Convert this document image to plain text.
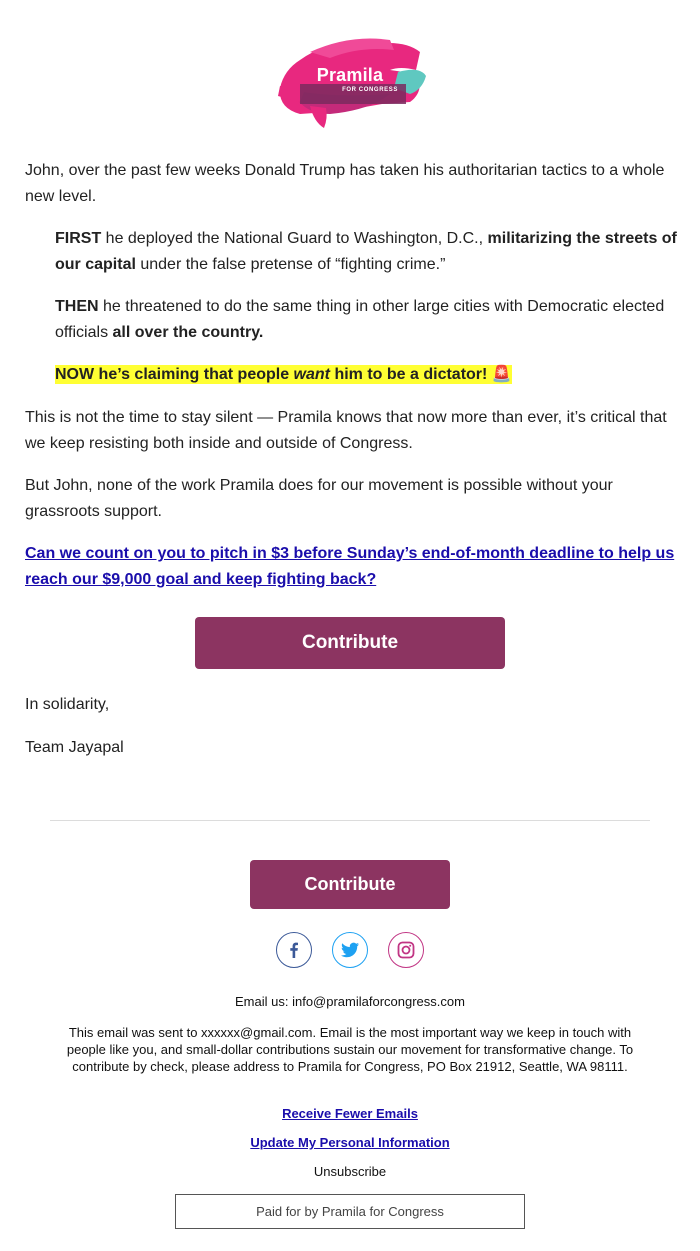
Pramila
FOR CONGRESS
John, over the past few weeks Donald Trump has taken his authoritarian tactics to a whole new level.
FIRST he deployed the National Guard to Washington, D.C., militarizing the streets of our capital under the false pretense of “fighting crime.”
THEN he threatened to do the same thing in other large cities with Democratic elected officials all over the country.
NOW he’s claiming that people want him to be a dictator! 🚨
This is not the time to stay silent — Pramila knows that now more than ever, it’s critical that we keep resisting both inside and outside of Congress.
But John, none of the work Pramila does for our movement is possible without your grassroots support.
Can we count on you to pitch in $3 before Sunday’s end-of-month deadline to help us reach our $9,000 goal and keep fighting back?
Contribute
In solidarity,
Team Jayapal
Contribute
Email us: info@pramilaforcongress.com
This email was sent to xxxxxx@gmail.com. Email is the most important way we keep in touch with people like you, and small-dollar contributions sustain our movement for transformative change. To contribute by check, please address to Pramila for Congress, PO Box 21912, Seattle, WA 98111.
Receive Fewer Emails
Update My Personal Information
Unsubscribe
Paid for by Pramila for Congress
